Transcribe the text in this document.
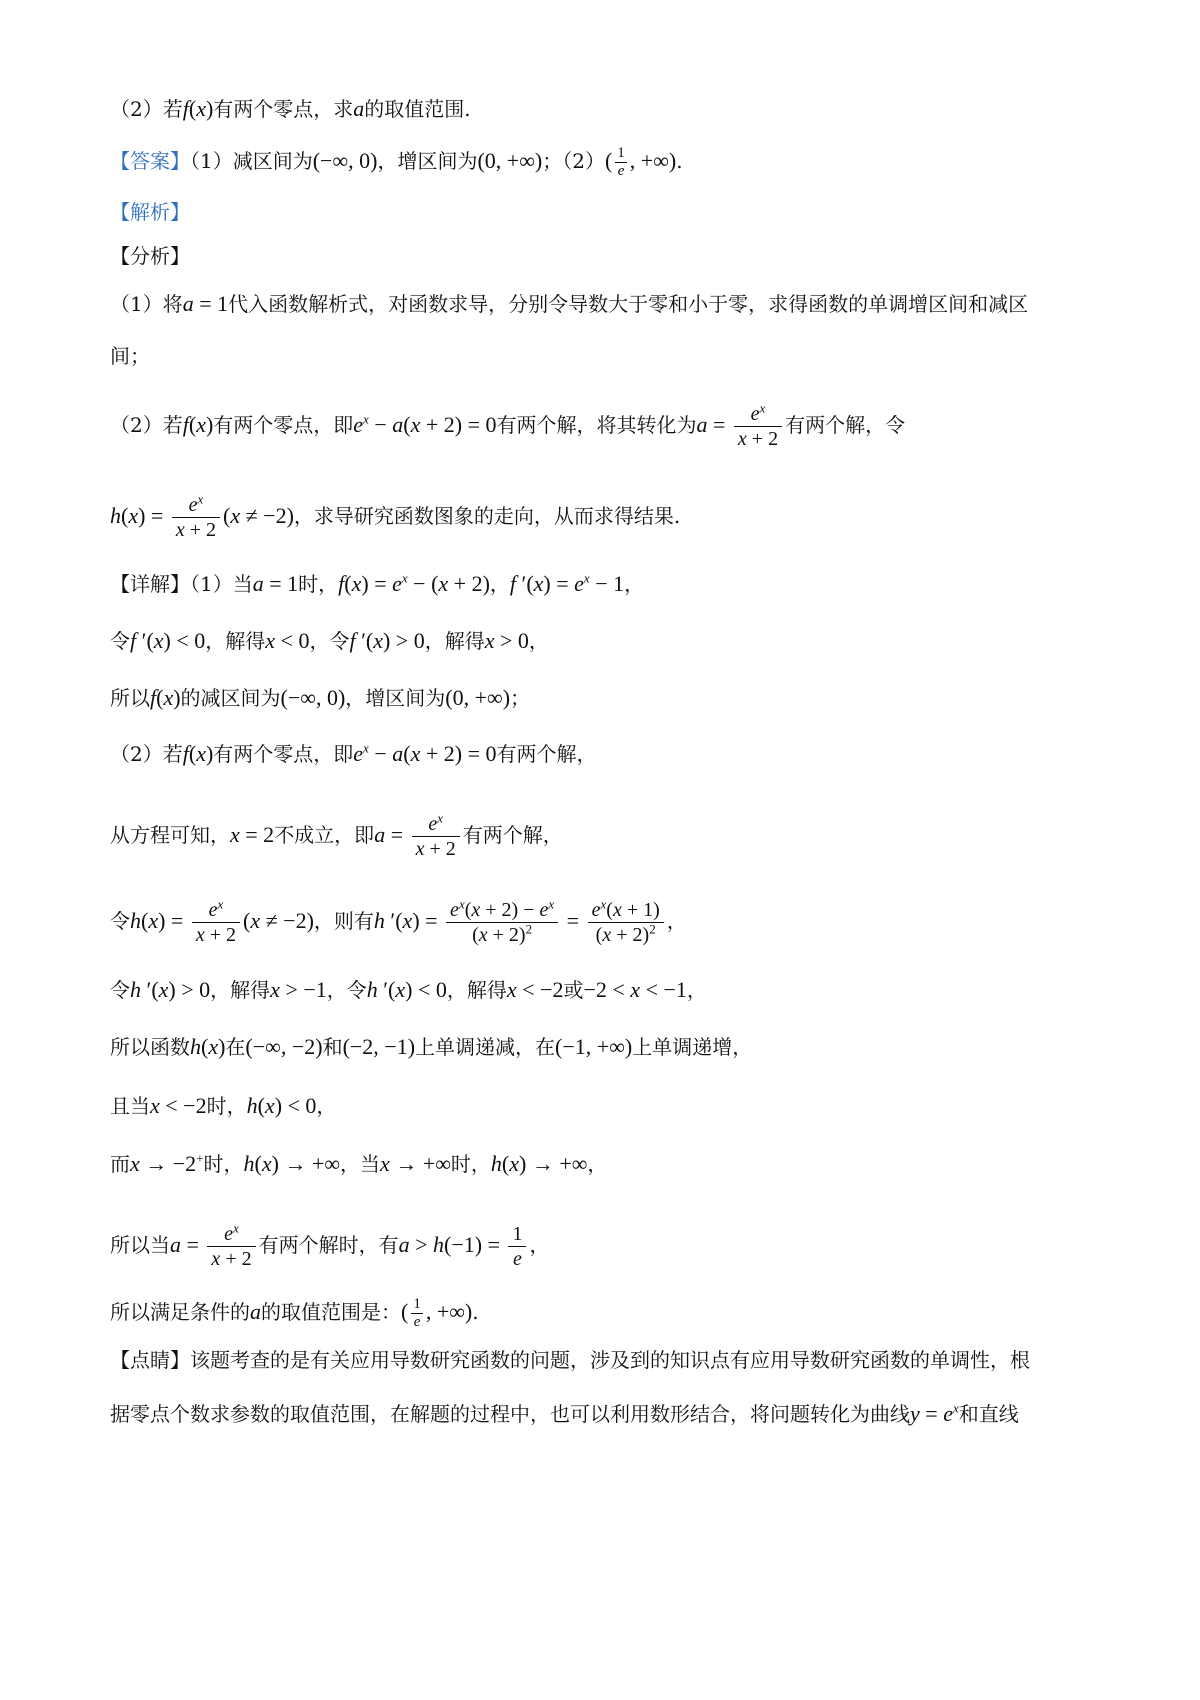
（2）若f(x)有两个零点，求a的取值范围.
【答案】（1）减区间为(−∞, 0)，增区间为(0, +∞)；$(2)( \frac{1}{e}$ , +∞).
【解析】
【分析】
（1）将a = 1代入函数解析式，对函数求导，分别令导数大于零和小于零，求得函数的单调增区间和减区
间；
（2）若f(x)有两个零点，即$e^x - a(x + 2) = 0$有两个解，将其转化为$a = \frac{e^x}{x + 2}$ 有两个解，令
$h(x) = \frac{e^x}{x + 2} (x \ne -2)$，求导研究函数图象的走向，从而求得结果.
【详解】（1）当a = 1时，$f(x) = e^x - (x + 2)$，f $'(x) = e^x - 1$，
令f ′(x) < 0，解得x < 0，令f ′(x) > 0，解得x > 0，
所以f(x)的减区间为(−∞, 0)，增区间为(0, +∞)；
（2）若f(x)有两个零点，即$e^x - a(x + 2) = 0$有两个解，
从方程可知，x = 2不成立，即$a = \frac{e^x}{x + 2}$ 有两个解，
令$h(x) = \frac{e^x}{x + 2} (x \ne -2)$，则有h $'(x) = \frac{e^x(x + 2) - e^x}{(x + 2)^2} = \frac{e^x(x + 1)}{(x + 2)^2}$ ，
令h ′(x) > 0，解得x > −1，令h ′(x) < 0，解得x < −2或−2 < x < −1，
所以函数h(x)在(−∞, −2)和(−2, −1)上单调递减，在(−1, +∞)上单调递增，
且当x < −2时，h(x) < 0，
而x → −2+时，h(x) → +∞，当x → +∞时，h(x) → +∞，
所以当$a = \frac{e^x}{x + 2}$ 有两个解时，有$a > h(-1) = \frac{1}{e}$ ，
所以满足条件的a的取值范围是：( $\frac{1}{e}$ , +∞).
【点睛】该题考查的是有关应用导数研究函数的问题，涉及到的知识点有应用导数研究函数的单调性，根
据零点个数求参数的取值范围，在解题的过程中，也可以利用数形结合，将问题转化为曲线$y = e^x$和直线
